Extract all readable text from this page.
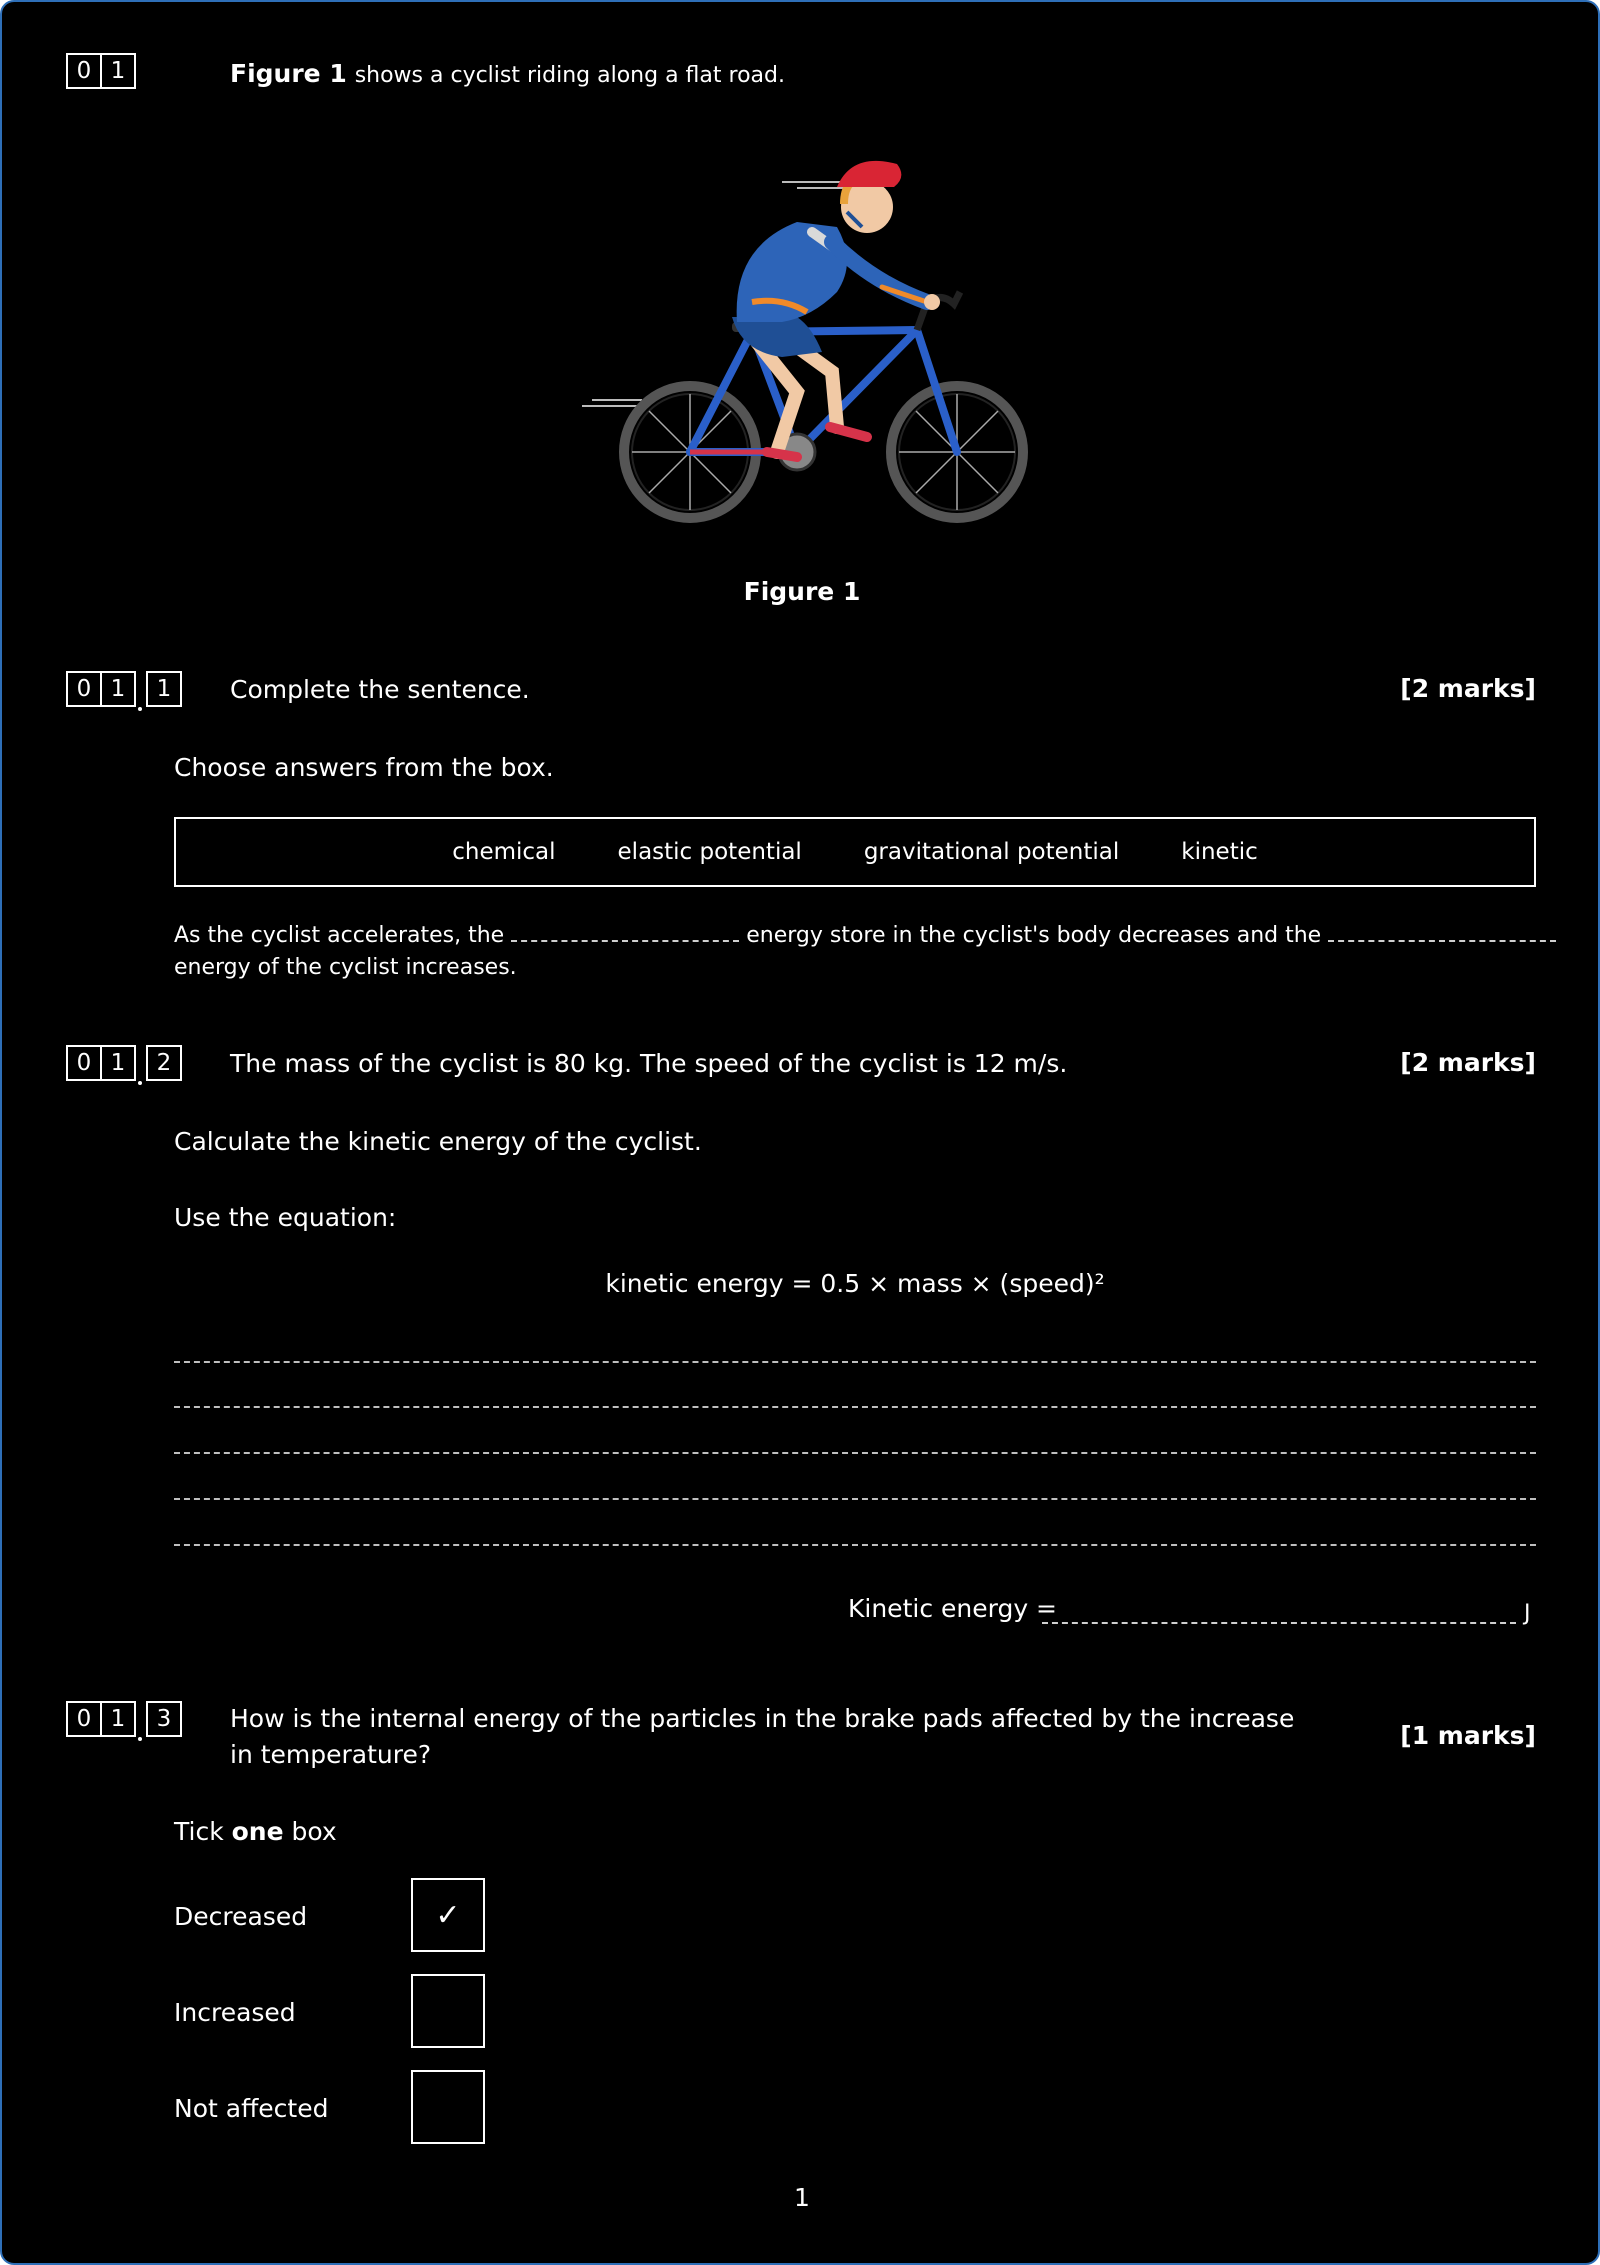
0 1	Figure 1 shows a cyclist riding along a flat road.
Figure 1
0 1	1	Complete the sentence.	[2 marks]
Choose answers from the box.
chemical	elastic potential	gravitational potential	kinetic
As the cyclist accelerates, the	energy store in the cyclist's body decreases and the
energy of the cyclist increases.
0 1	2	The mass of the cyclist is 80 kg. The speed of the cyclist is 12 m/s.	[2 marks]
Calculate the kinetic energy of the cyclist.
Use the equation:
kinetic energy = 0.5 × mass × (speed)²
Kinetic energy =	J
0 1	3	How is the internal energy of the particles in the brake pads affected by the increase
in temperature?
[1 marks]
Tick one box
Decreased	✓
Increased
Not affected
1
